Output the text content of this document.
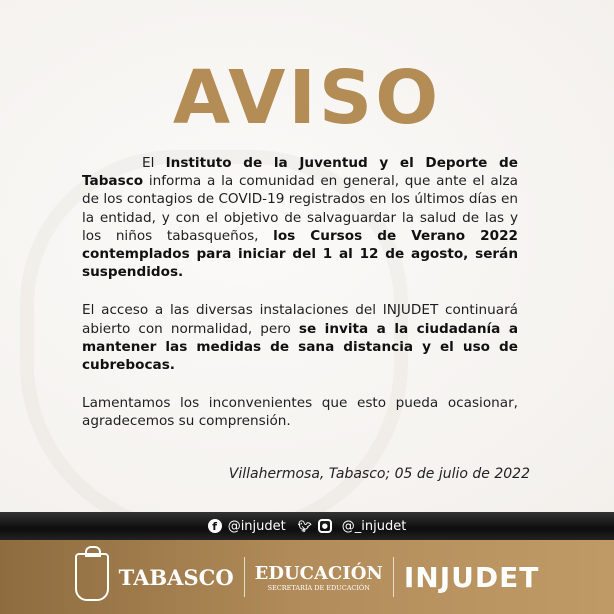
AVISO

El Instituto de la Juventud y el Deporte de Tabasco informa a la comunidad en general, que ante el alza de los contagios de COVID-19 registrados en los últimos días en la entidad, y con el objetivo de salvaguardar la salud de las y los niños tabasqueños, los Cursos de Verano 2022 contemplados para iniciar del 1 al 12 de agosto, serán suspendidos.

El acceso a las diversas instalaciones del INJUDET continuará abierto con normalidad, pero se invita a la ciudadanía a mantener las medidas de sana distancia y el uso de cubrebocas.

Lamentamos los inconvenientes que esto pueda ocasionar, agradecemos su comprensión.

Villahermosa, Tabasco; 05 de julio de 2022
f @injudet 🐦︎	●	@_injudet
TABASCO EDUCACIÓN
SECRETARÍA DE EDUCACIÓN INJUDET
